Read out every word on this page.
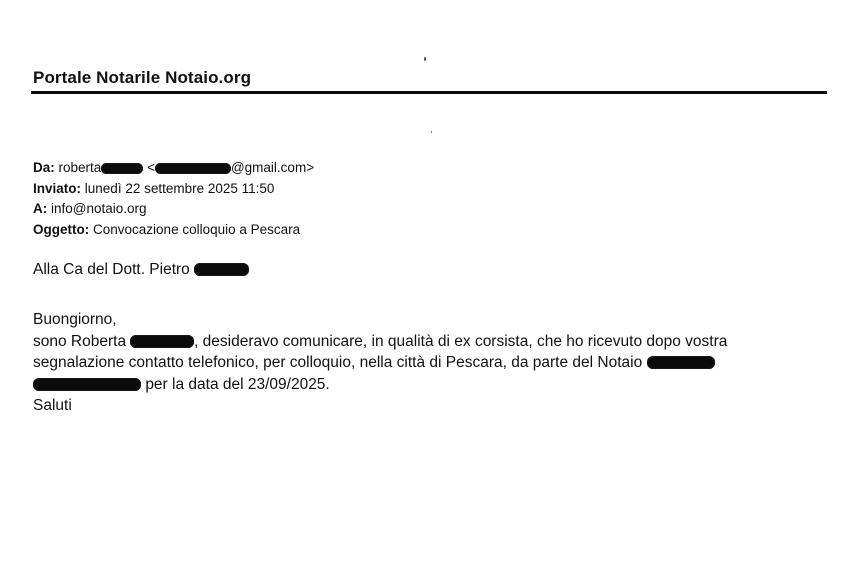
Portale Notarile Notaio.org
Da: roberta	<	@gmail.com>
Inviato: lunedì 22 settembre 2025 11:50
A: info@notaio.org
Oggetto: Convocazione colloquio a Pescara
Alla Ca del Dott. Pietro
Buongiorno,
sono Roberta	, desideravo comunicare, in qualità di ex corsista, che ho ricevuto dopo vostra
segnalazione contatto telefonico, per colloquio, nella città di Pescara, da parte del Notaio
per la data del 23/09/2025.
Saluti
